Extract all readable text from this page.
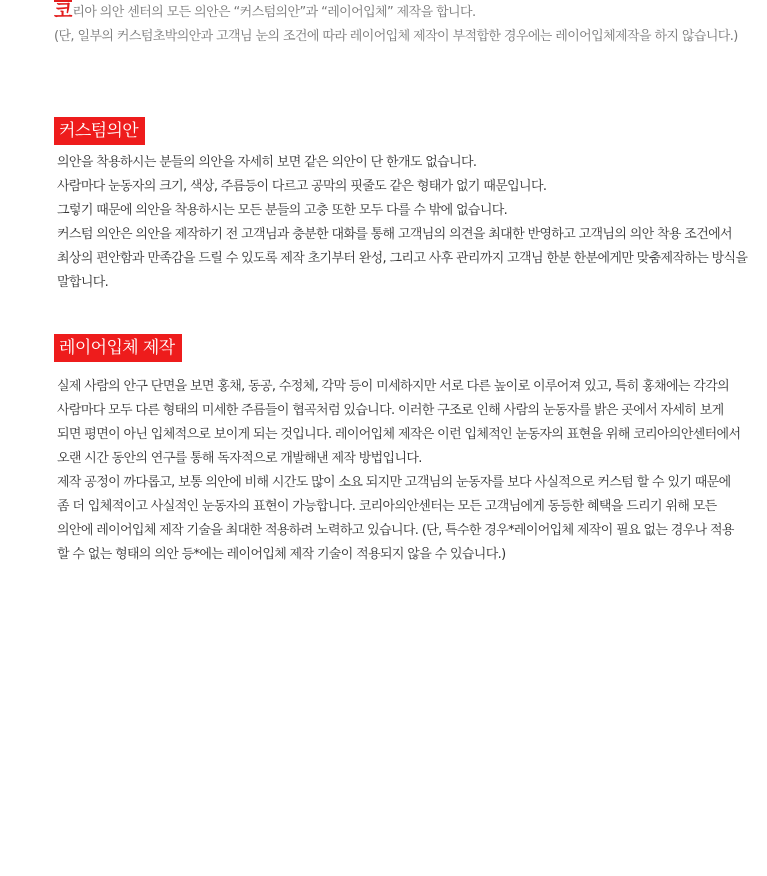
코리아 의안 센터의 모든 의안은 “커스텀의안”과 “레이어입체” 제작을 합니다.
(단, 일부의 커스텀초박의안과 고객님 눈의 조건에 따라 레이어입체 제작이 부적합한 경우에는 레이어입체제작을 하지 않습니다.)
커스텀의안

의안을 착용하시는 분들의 의안을 자세히 보면 같은 의안이 단 한개도 없습니다.

사람마다 눈동자의 크기, 색상, 주름등이 다르고 공막의 핏줄도 같은 형태가 없기 때문입니다.

그렇기 때문에 의안을 착용하시는 모든 분들의 고충 또한 모두 다를 수 밖에 없습니다.

커스텀 의안은 의안을 제작하기 전 고객님과 충분한 대화를 통해 고객님의 의견을 최대한 반영하고 고객님의 의안 착용 조건에서

최상의 편안함과 만족감을 드릴 수 있도록 제작 초기부터 완성, 그리고 사후 관리까지 고객님 한분 한분에게만 맞춤제작하는 방식을

말합니다.

레이어입체 제작

실제 사람의 안구 단면을 보면 홍채, 동공, 수정체, 각막 등이 미세하지만 서로 다른 높이로 이루어져 있고, 특히 홍채에는 각각의

사람마다 모두 다른 형태의 미세한 주름들이 협곡처럼 있습니다. 이러한 구조로 인해 사람의 눈동자를 밝은 곳에서 자세히 보게

되면 평면이 아닌 입체적으로 보이게 되는 것입니다. 레이어입체 제작은 이런 입체적인 눈동자의 표현을 위해 코리아의안센터에서

오랜 시간 동안의 연구를 통해 독자적으로 개발해낸 제작 방법입니다.

제작 공정이 까다롭고, 보통 의안에 비해 시간도 많이 소요 되지만 고객님의 눈동자를 보다 사실적으로 커스텀 할 수 있기 때문에

좀 더 입체적이고 사실적인 눈동자의 표현이 가능합니다. 코리아의안센터는 모든 고객님에게 동등한 혜택을 드리기 위해 모든

의안에 레이어입체 제작 기술을 최대한 적용하려 노력하고 있습니다. (단, 특수한 경우*레이어입체 제작이 필요 없는 경우나 적용

할 수 없는 형태의 의안 등*에는 레이어입체 제작 기술이 적용되지 않을 수 있습니다.)
